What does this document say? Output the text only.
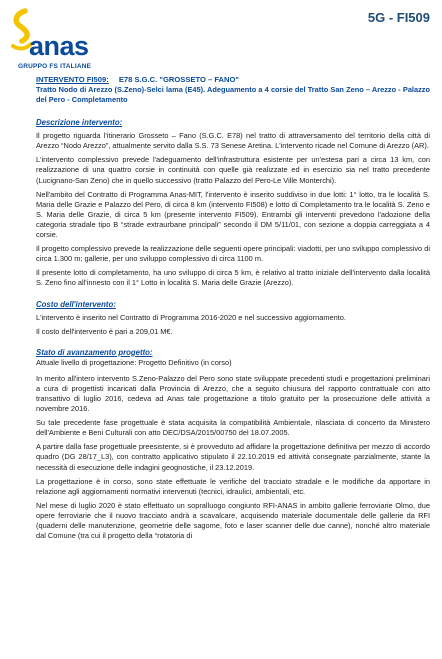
anas
GRUPPO FS ITALIANE
5G - FI509
INTERVENTO FI509: E78 S.G.C. "GROSSETO – FANO"

Tratto Nodo di Arezzo (S.Zeno)-Selci lama (E45). Adeguamento a 4 corsie del Tratto San Zeno – Arezzo - Palazzo del Pero - Completamento

Descrizione intervento:

Il progetto riguarda l'itinerario Grosseto – Fano (S.G.C. E78) nel tratto di attraversamento del territorio della città di Arezzo “Nodo Arezzo”, attualmente servito dalla S.S. 73 Senese Aretina. L'intervento ricade nel Comune di Arezzo (AR).

L'intervento complessivo prevede l'adeguamento dell'infrastruttura esistente per un'estesa pari a circa 13 km, con realizzazione di una quattro corsie in continuità con quelle già realizzate ed in esercizio sia nel tratto precedente (Lucignano-San Zeno) che in quello successivo (tratto Palazzo del Pero-Le Ville Monterchi).

Nell'ambito del Contratto di Programma Anas-MIT, l'intervento è inserito suddiviso in due lotti: 1° lotto, tra le località S. Maria delle Grazie e Palazzo del Pero, di circa 8 km (intervento FI508) e lotto di Completamento tra le località S. Zeno e S. Maria delle Grazie, di circa 5 km (presente intervento FI509). Entrambi gli interventi prevedono l'adozione della categoria stradale tipo B “strade extraurbane principali” secondo il DM 5/11/01, con sezione a doppia carreggiata a 4 corsie.

Il progetto complessivo prevede la realizzazione delle seguenti opere principali: viadotti, per uno sviluppo complessivo di circa 1.300 m; gallerie, per uno sviluppo complessivo di circa 1100 m.

Il presente lotto di completamento, ha uno sviluppo di circa 5 km, è relativo al tratto iniziale dell'intervento dalla località S. Zeno fino all'innesto con il 1° Lotto in località S. Maria delle Grazie (Arezzo).

Costo dell'intervento:

L'intervento è inserito nel Contratto di Programma 2016-2020 e nel successivo aggiornamento.

Il costo dell'intervento è pari a 209,01 M€.

Stato di avanzamento progetto:

Attuale livello di progettazione: Progetto Definitivo (in corso)

In merito all'intero intervento S.Zeno-Palazzo del Pero sono state sviluppate precedenti studi e progettazioni preliminari a cura di progettisti incaricati dalla Provincia di Arezzo, che a seguito chiusura del rapporto contrattuale con atto transattivo di luglio 2016, cedeva ad Anas tale progettazione a titolo gratuito per la prosecuzione delle attività a novembre 2016.

Su tale precedente fase progettuale è stata acquisita la compatibilità Ambientale, rilasciata di concerto da Ministero dell'Ambiente e Beni Culturali con atto DEC/DSA/2015/00750 del 18.07.2005.

A partire dalla fase progettuale preesistente, si è provveduto ad affidare la progettazione definitiva per mezzo di accordo quadro (DG 28/17_L3), con contratto applicativo stipulato il 22.10.2019 ed attività consegnate parzialmente, stante la necessità di esecuzione delle indagini geognostiche, il 23.12.2019.

La progettazione è in corso, sono state effettuate le verifiche del tracciato stradale e le modifiche da apportare in relazione agli aggiornamenti normativi intervenuti (tecnici, idraulici, ambientali, etc.

Nel mese di luglio 2020 è stato effettuato un sopralluogo congiunto RFI-ANAS in ambito gallerie ferroviarie Olmo, due opere ferroviarie che il nuovo tracciato andrà a scavalcare, acquisendo materiale documentale delle gallerie da RFI (quaderni delle manutenzione, geometrie delle sagome, foto e laser scanner delle due canne), nonché altro materiale dal Comune (tra cui il progetto della “rotatoria di
